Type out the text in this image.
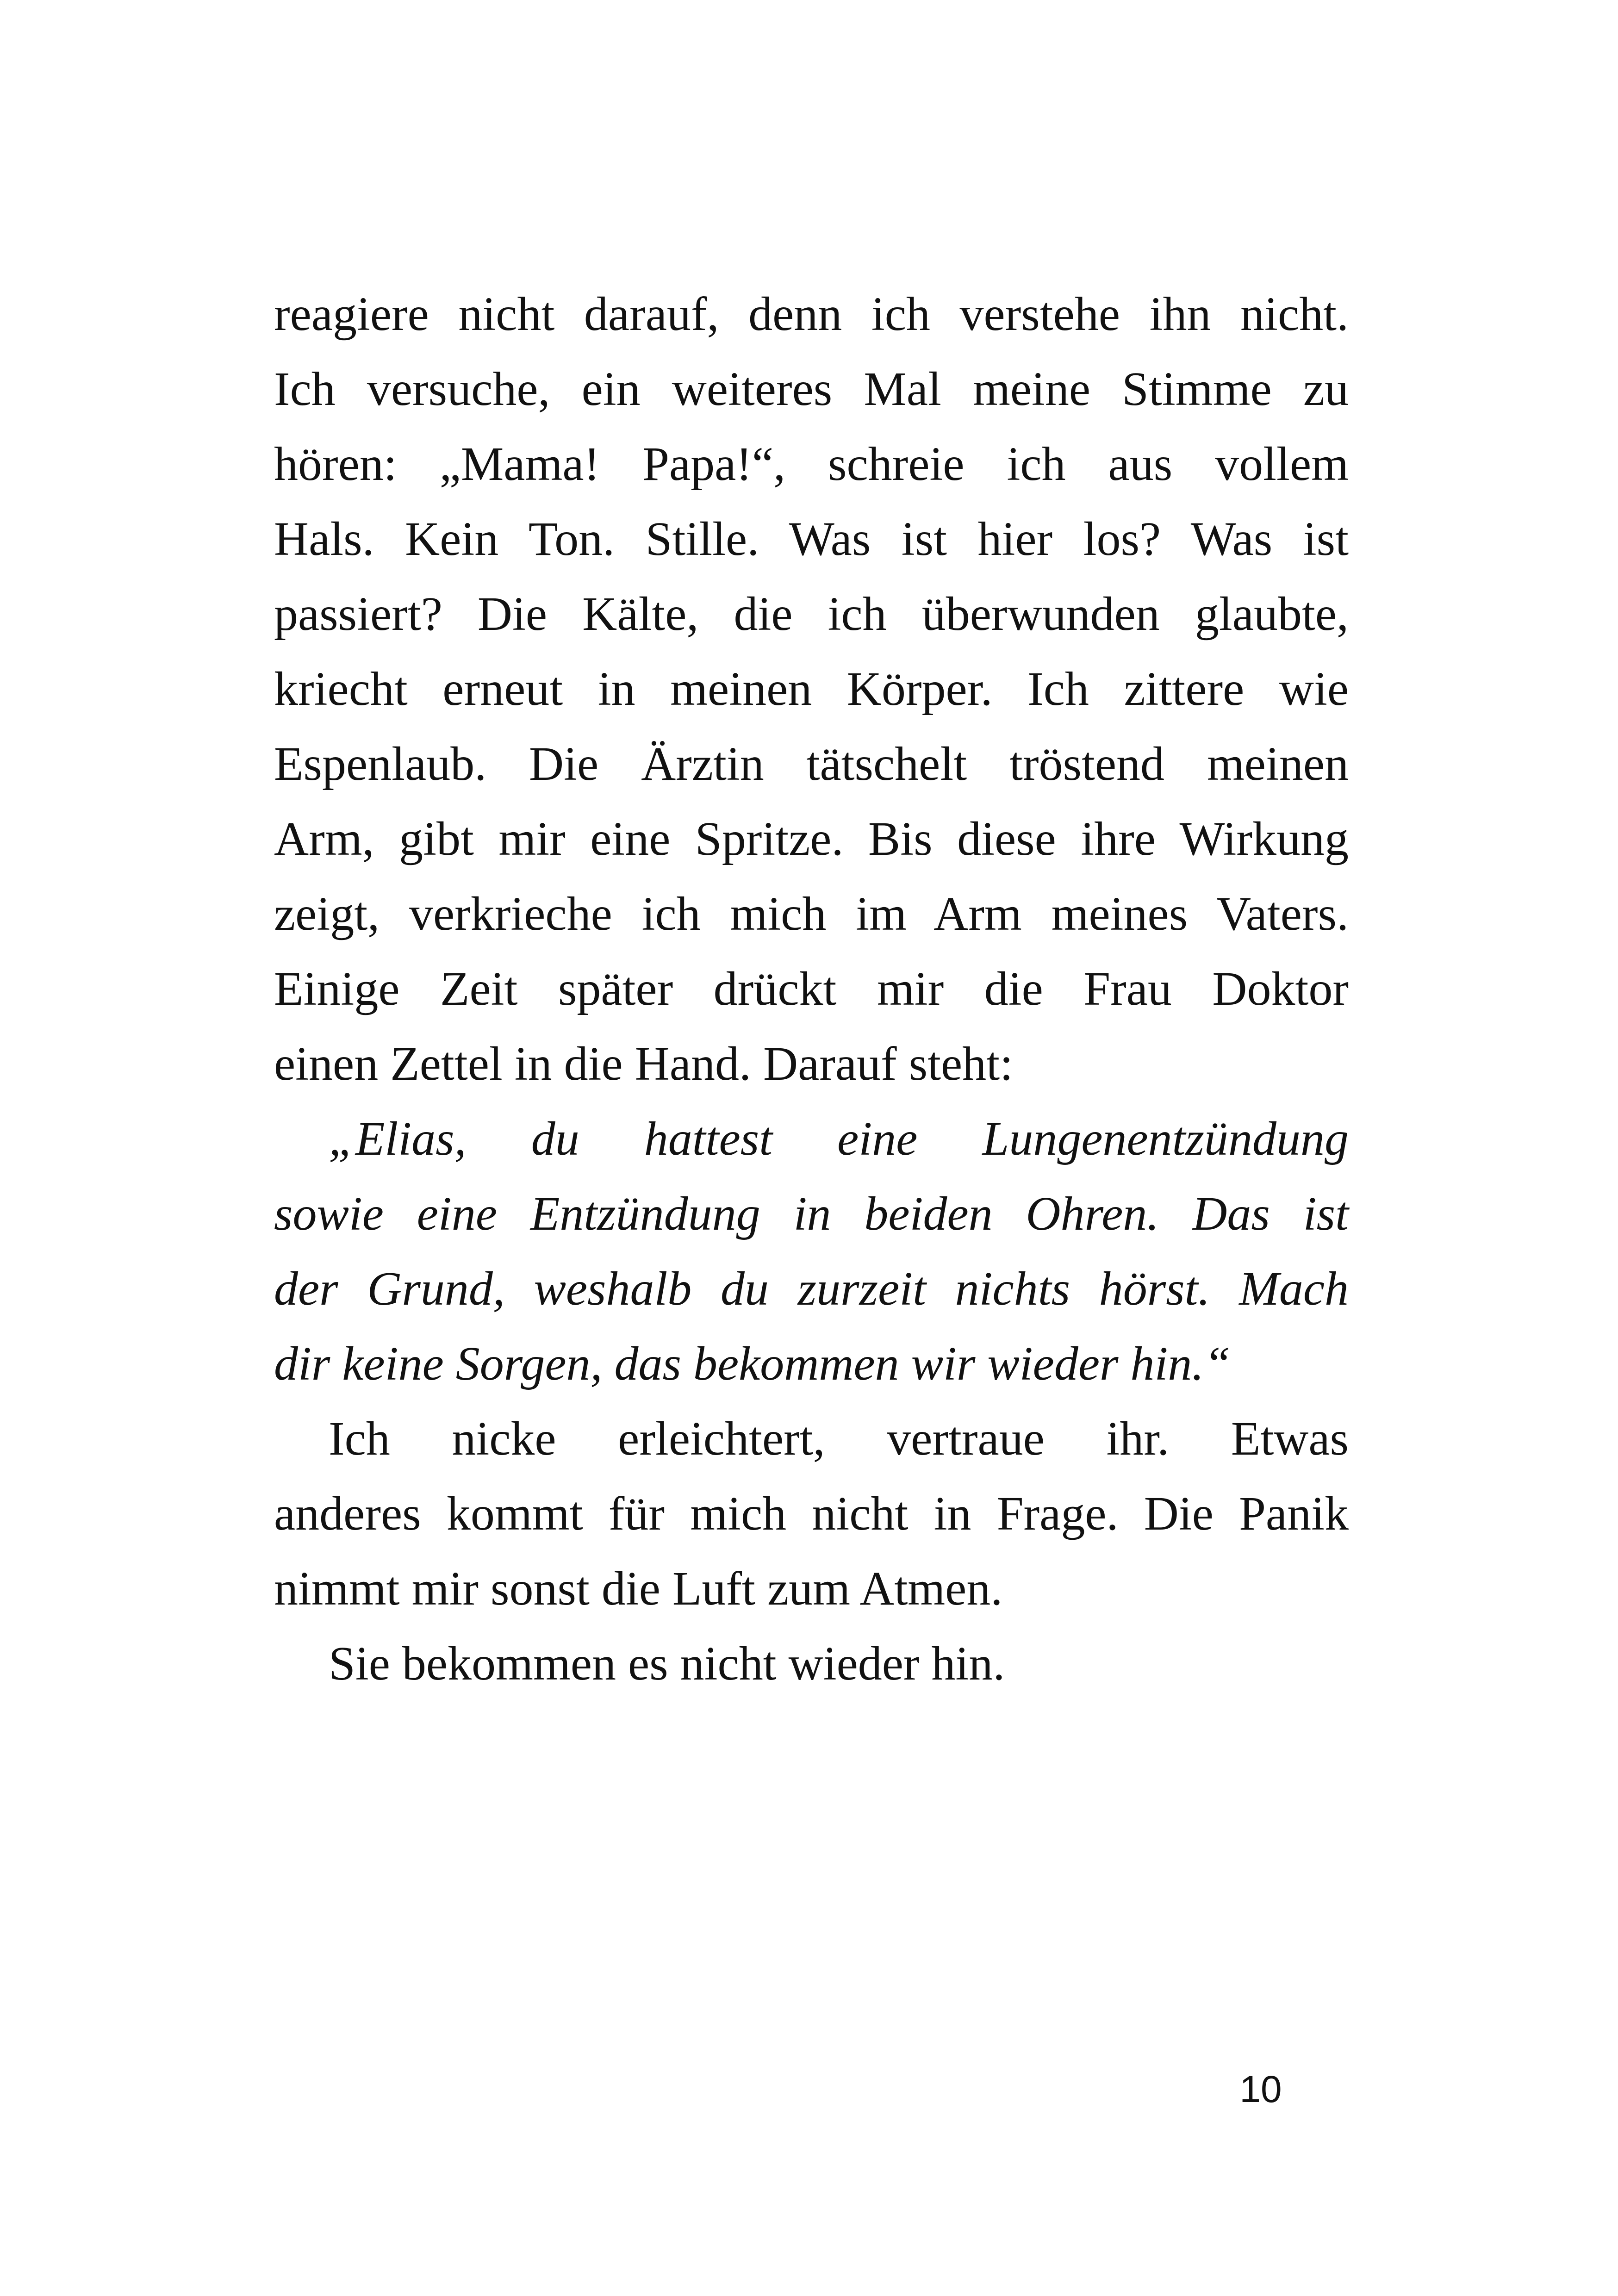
reagiere nicht darauf, denn ich verstehe ihn nicht.
Ich versuche, ein weiteres Mal meine Stimme zu
hören: „Mama! Papa!“, schreie ich aus vollem
Hals. Kein Ton. Stille. Was ist hier los? Was ist
passiert? Die Kälte, die ich überwunden glaubte,
kriecht erneut in meinen Körper. Ich zittere wie
Espenlaub. Die Ärztin tätschelt tröstend meinen
Arm, gibt mir eine Spritze. Bis diese ihre Wirkung
zeigt, verkrieche ich mich im Arm meines Vaters.
Einige Zeit später drückt mir die Frau Doktor
einen Zettel in die Hand. Darauf steht:
„Elias, du hattest eine Lungenentzündung
sowie eine Entzündung in beiden Ohren. Das ist
der Grund, weshalb du zurzeit nichts hörst. Mach
dir keine Sorgen, das bekommen wir wieder hin.“
Ich nicke erleichtert, vertraue ihr. Etwas
anderes kommt für mich nicht in Frage. Die Panik
nimmt mir sonst die Luft zum Atmen.
Sie bekommen es nicht wieder hin.
10
